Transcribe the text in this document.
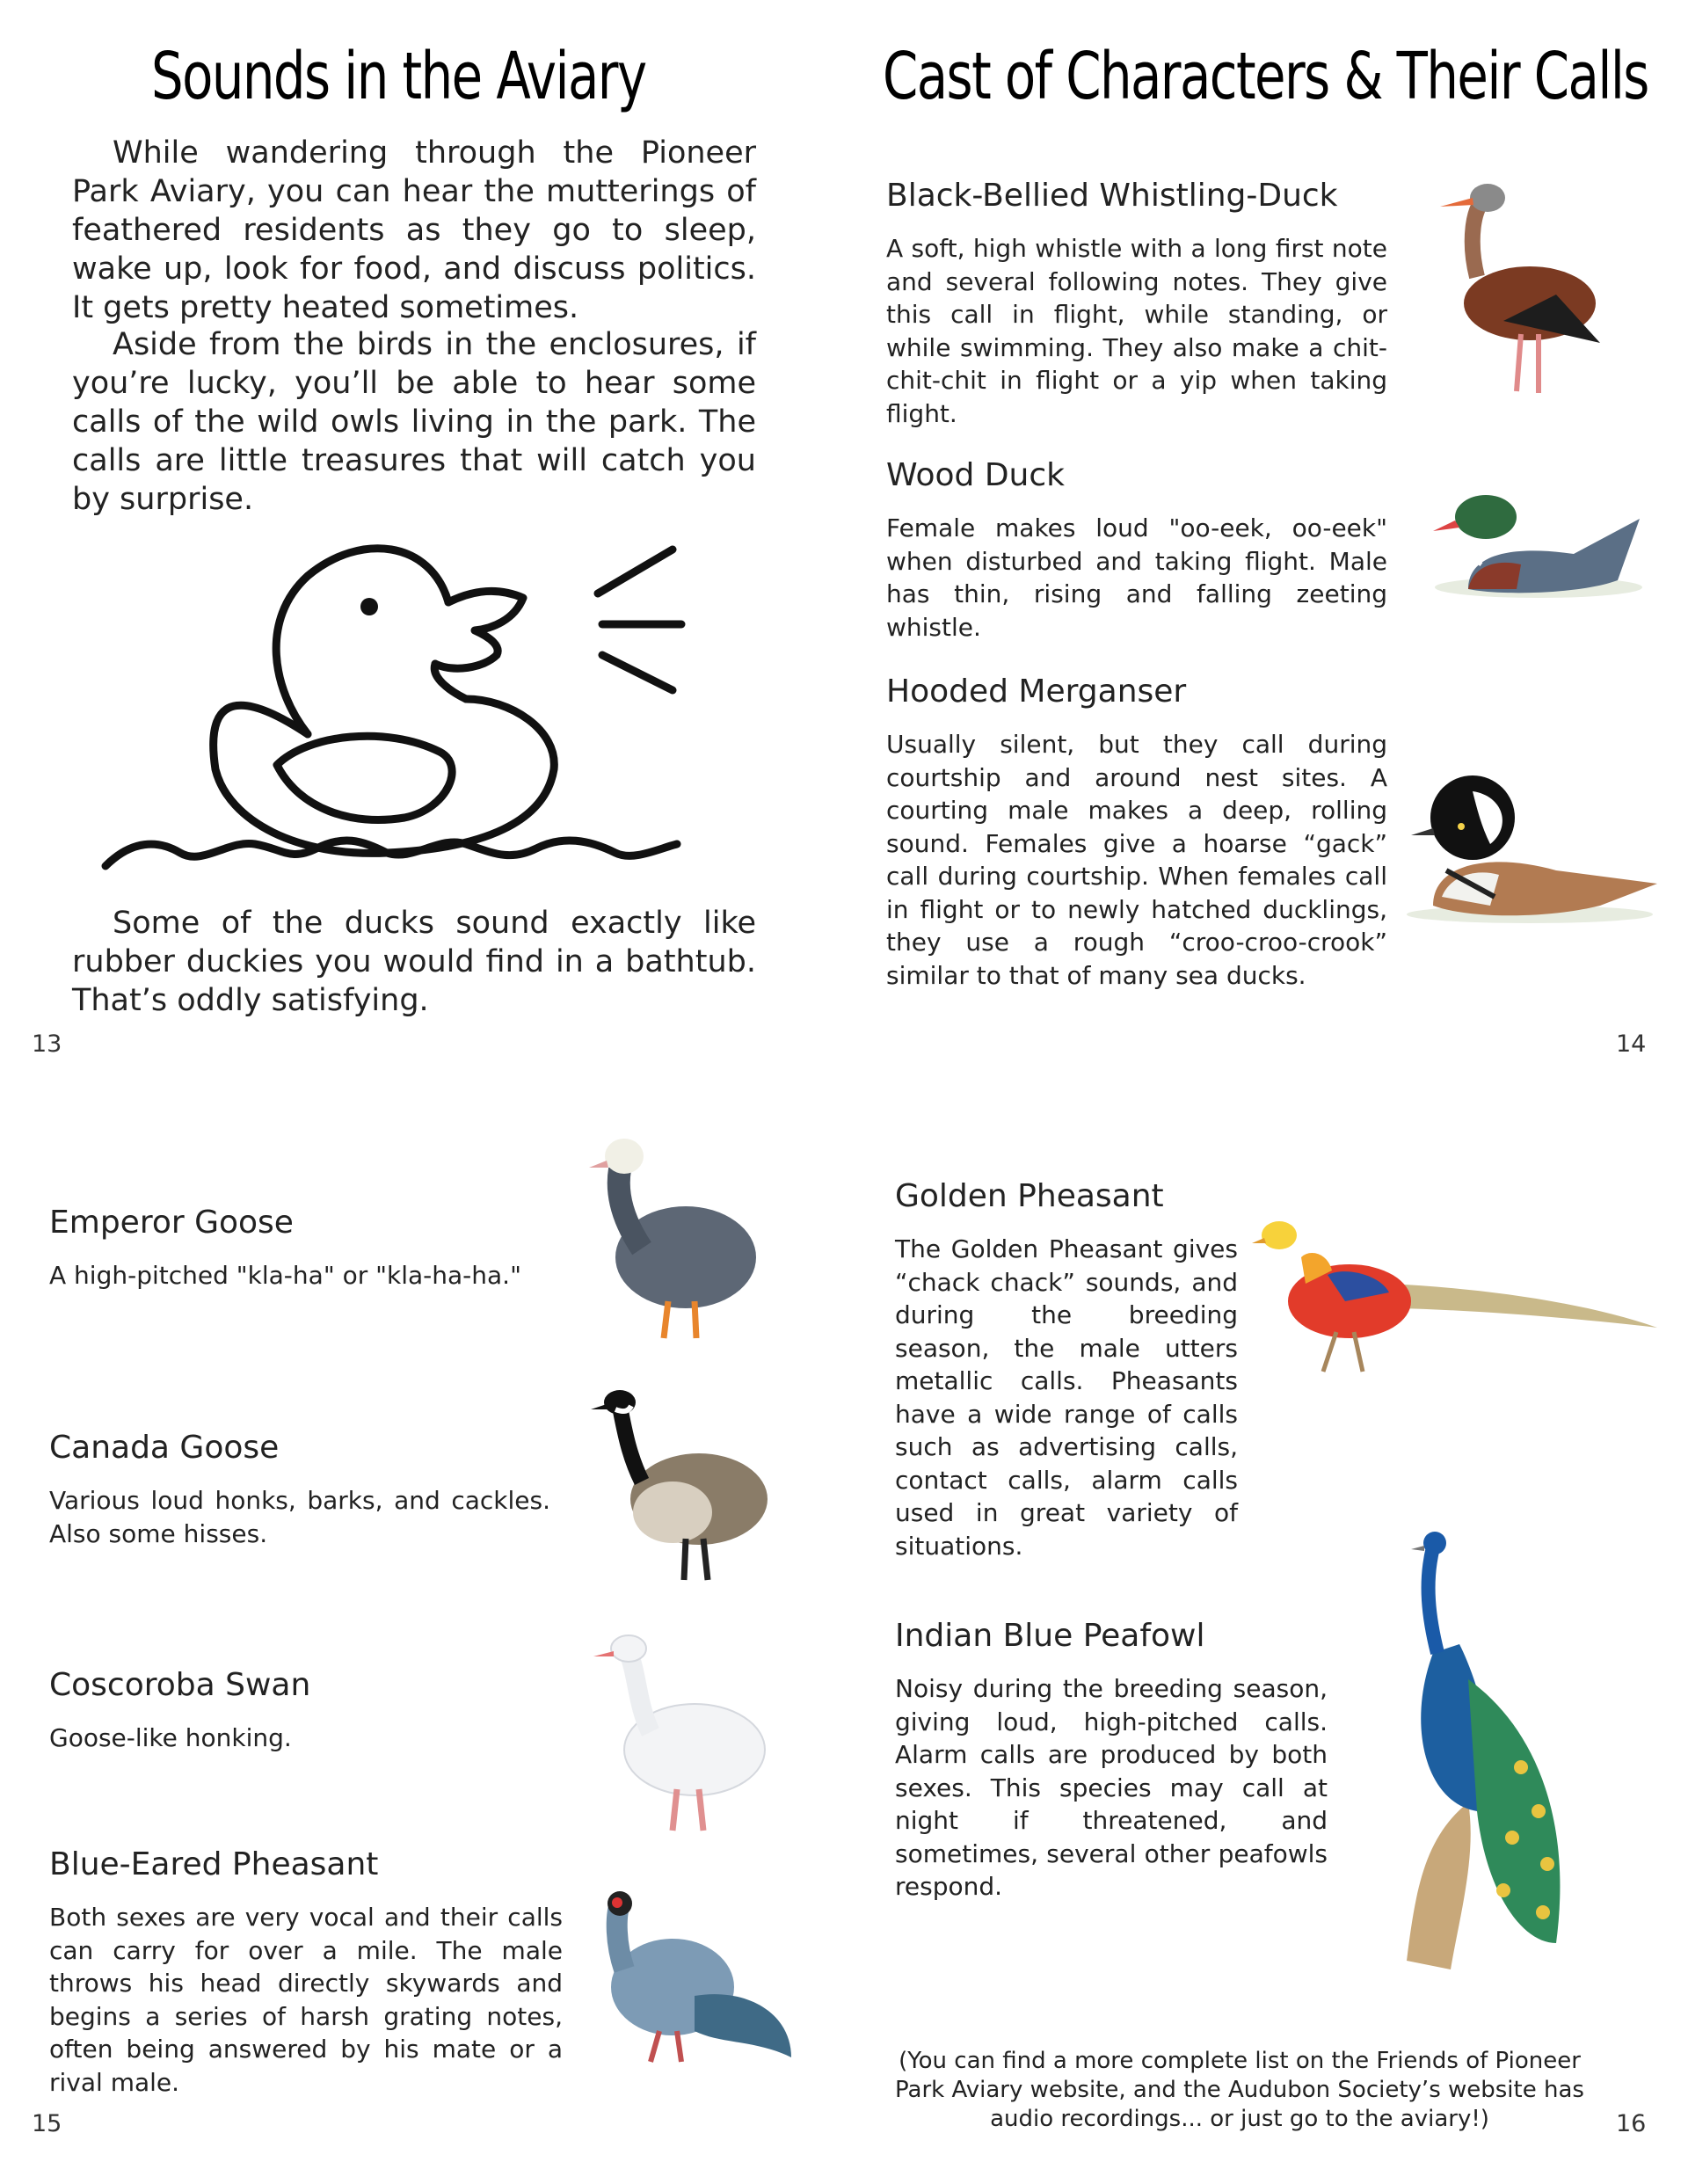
Sounds in the Aviary
While wandering through the Pioneer Park Aviary, you can hear the mutterings of feathered residents as they go to sleep, wake up, look for food, and discuss politics. It gets pretty heated sometimes.
Aside from the birds in the enclosures, if you’re lucky, you’ll be able to hear some calls of the wild owls living in the park. The calls are little treasures that will catch you by surprise.
Some of the ducks sound exactly like rubber duckies you would find in a bathtub. That’s oddly satisfying.
13
Cast of Characters & Their Calls
Black-Bellied Whistling-Duck
A soft, high whistle with a long first note and several following notes. They give this call in flight, while standing, or while swimming. They also make a chit-chit-chit in flight or a yip when taking flight.
Wood Duck
Female makes loud "oo-eek, oo-eek" when disturbed and taking flight. Male has thin, rising and falling zeeting whistle.
Hooded Merganser
Usually silent, but they call during courtship and around nest sites. A courting male makes a deep, rolling sound. Females give a hoarse “gack” call during courtship. When females call in flight or to newly hatched ducklings, they use a rough “croo-croo-crook” similar to that of many sea ducks.
14
Emperor Goose
A high-pitched "kla-ha" or "kla-ha-ha."
Canada Goose
Various loud honks, barks, and cackles. Also some hisses.
Coscoroba Swan
Goose-like honking.
Blue-Eared Pheasant
Both sexes are very vocal and their calls can carry for over a mile. The male throws his head directly skywards and begins a series of harsh grating notes, often being answered by his mate or a rival male.
15
Golden Pheasant
The Golden Pheasant gives “chack chack” sounds, and during the breeding season, the male utters metallic calls. Pheasants have a wide range of calls such as advertising calls, contact calls, alarm calls used in great variety of situations.
Indian Blue Peafowl
Noisy during the breeding season, giving loud, high-pitched calls. Alarm calls are produced by both sexes. This species may call at night if threatened, and sometimes, several other peafowls respond.
(You can find a more complete list on the Friends of Pioneer Park Aviary website, and the Audubon Society’s website has audio recordings... or just go to the aviary!)	16
